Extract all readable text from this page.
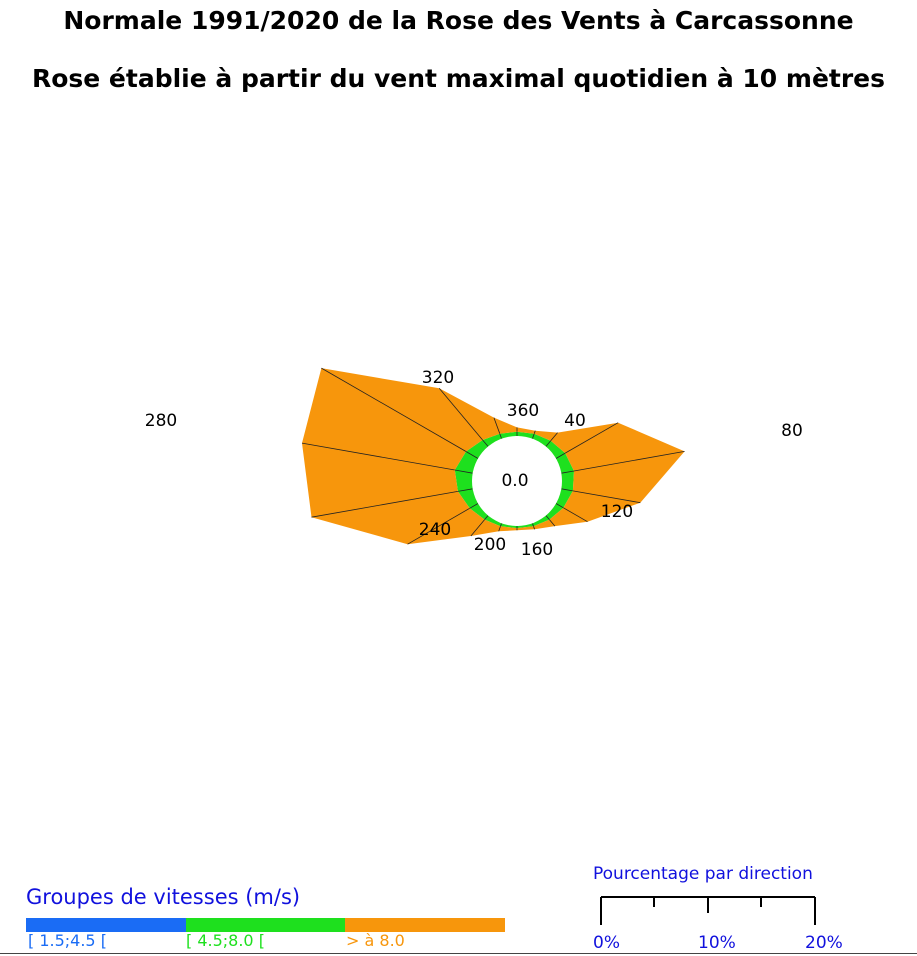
Normale 1991/2020 de la Rose des Vents à Carcassonne
Rose établie à partir du vent maximal quotidien à 10 mètres
0.0
360 40	80
120
160
200
240
280
320
Groupes de vitesses (m/s)
[ 1.5;4.5 [	[ 4.5;8.0 [	> à 8.0
Pourcentage par direction
0%	10%	20%
